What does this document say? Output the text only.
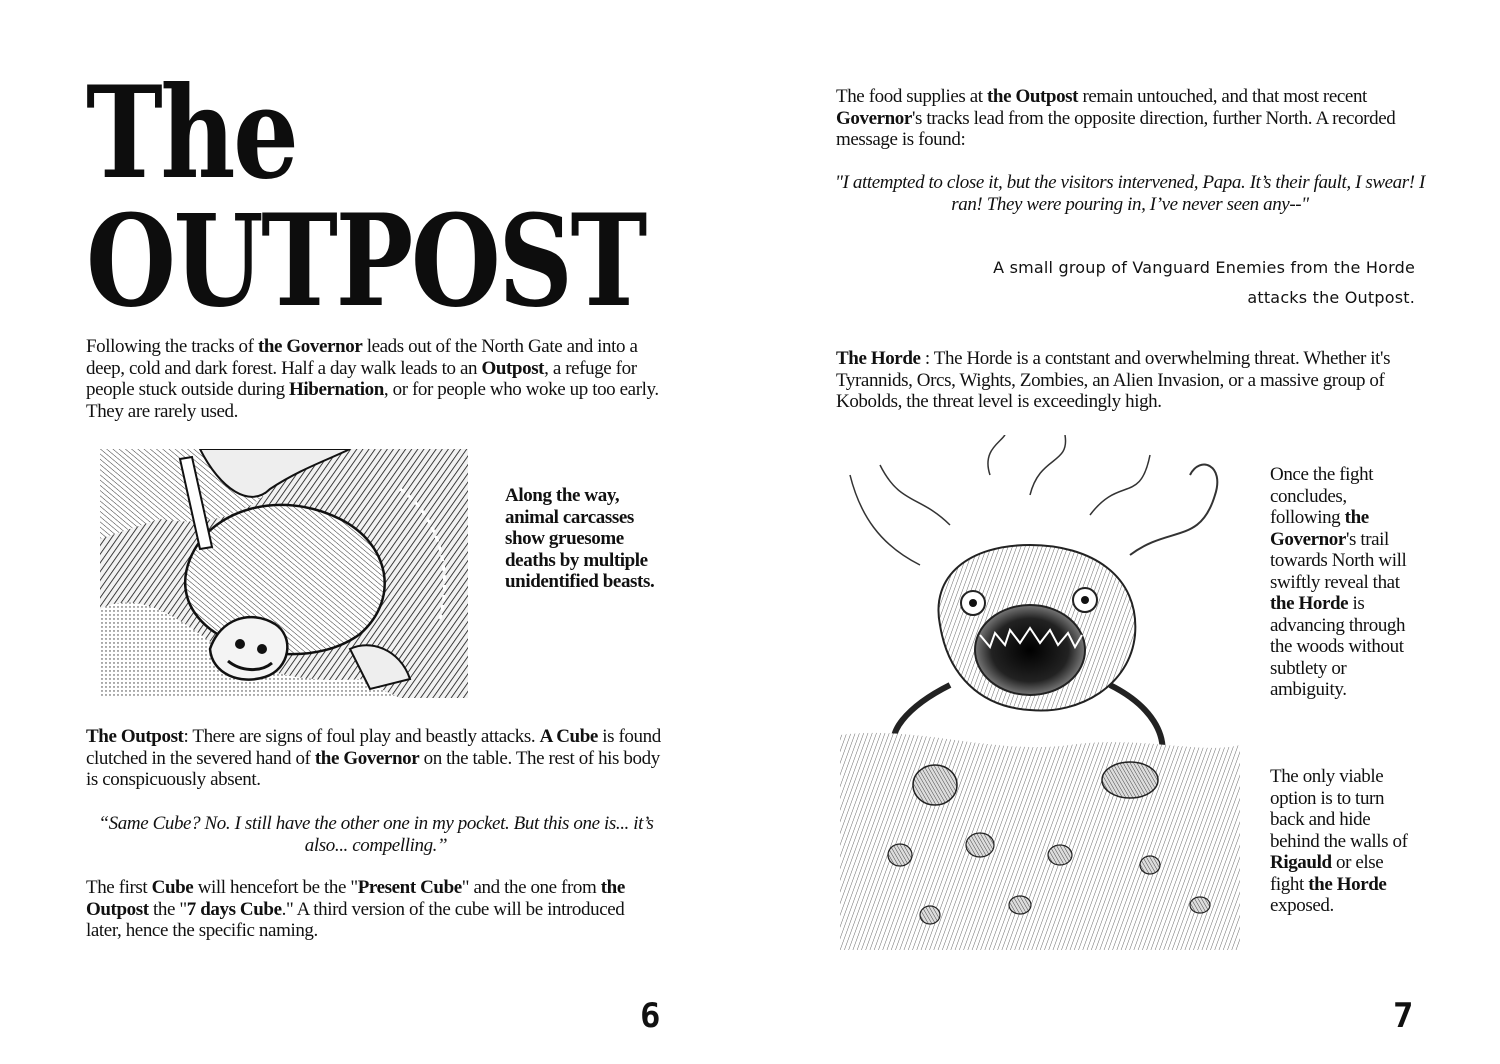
The
OUTPOST

Following the tracks of the Governor leads out of the North Gate and into a deep, cold and dark forest. Half a day walk leads to an Outpost, a refuge for people stuck outside during Hibernation, or for people who woke up too early. They are rarely used.

Along the way, animal carcasses show gruesome deaths by multiple unidentified beasts.

The Outpost: There are signs of foul play and beastly attacks. A Cube is found clutched in the severed hand of the Governor on the table. The rest of his body is conspicuously absent.

“Same Cube? No. I still have the other one in my pocket. But this one is... it’s also... compelling.”

The first Cube will hencefort be the "Present Cube" and the one from the Outpost the "7 days Cube." A third version of the cube will be introduced later, hence the specific naming.

6

The food supplies at the Outpost remain untouched, and that most recent Governor's tracks lead from the opposite direction, further North. A recorded message is found:

"I attempted to close it, but the visitors intervened, Papa. It’s their fault, I swear! I ran! They were pouring in, I’ve never seen any--"

A small group of Vanguard Enemies from the Horde
attacks the Outpost.

The Horde : The Horde is a contstant and overwhelming threat. Whether it's Tyrannids, Orcs, Wights, Zombies, an Alien Invasion, or a massive group of Kobolds, the threat level is exceedingly high.

Once the fight concludes, following the Governor's trail towards North will swiftly reveal that the Horde is advancing through the woods without subtlety or ambiguity.

The only viable option is to turn back and hide behind the walls of Rigauld or else fight the Horde exposed.

7
